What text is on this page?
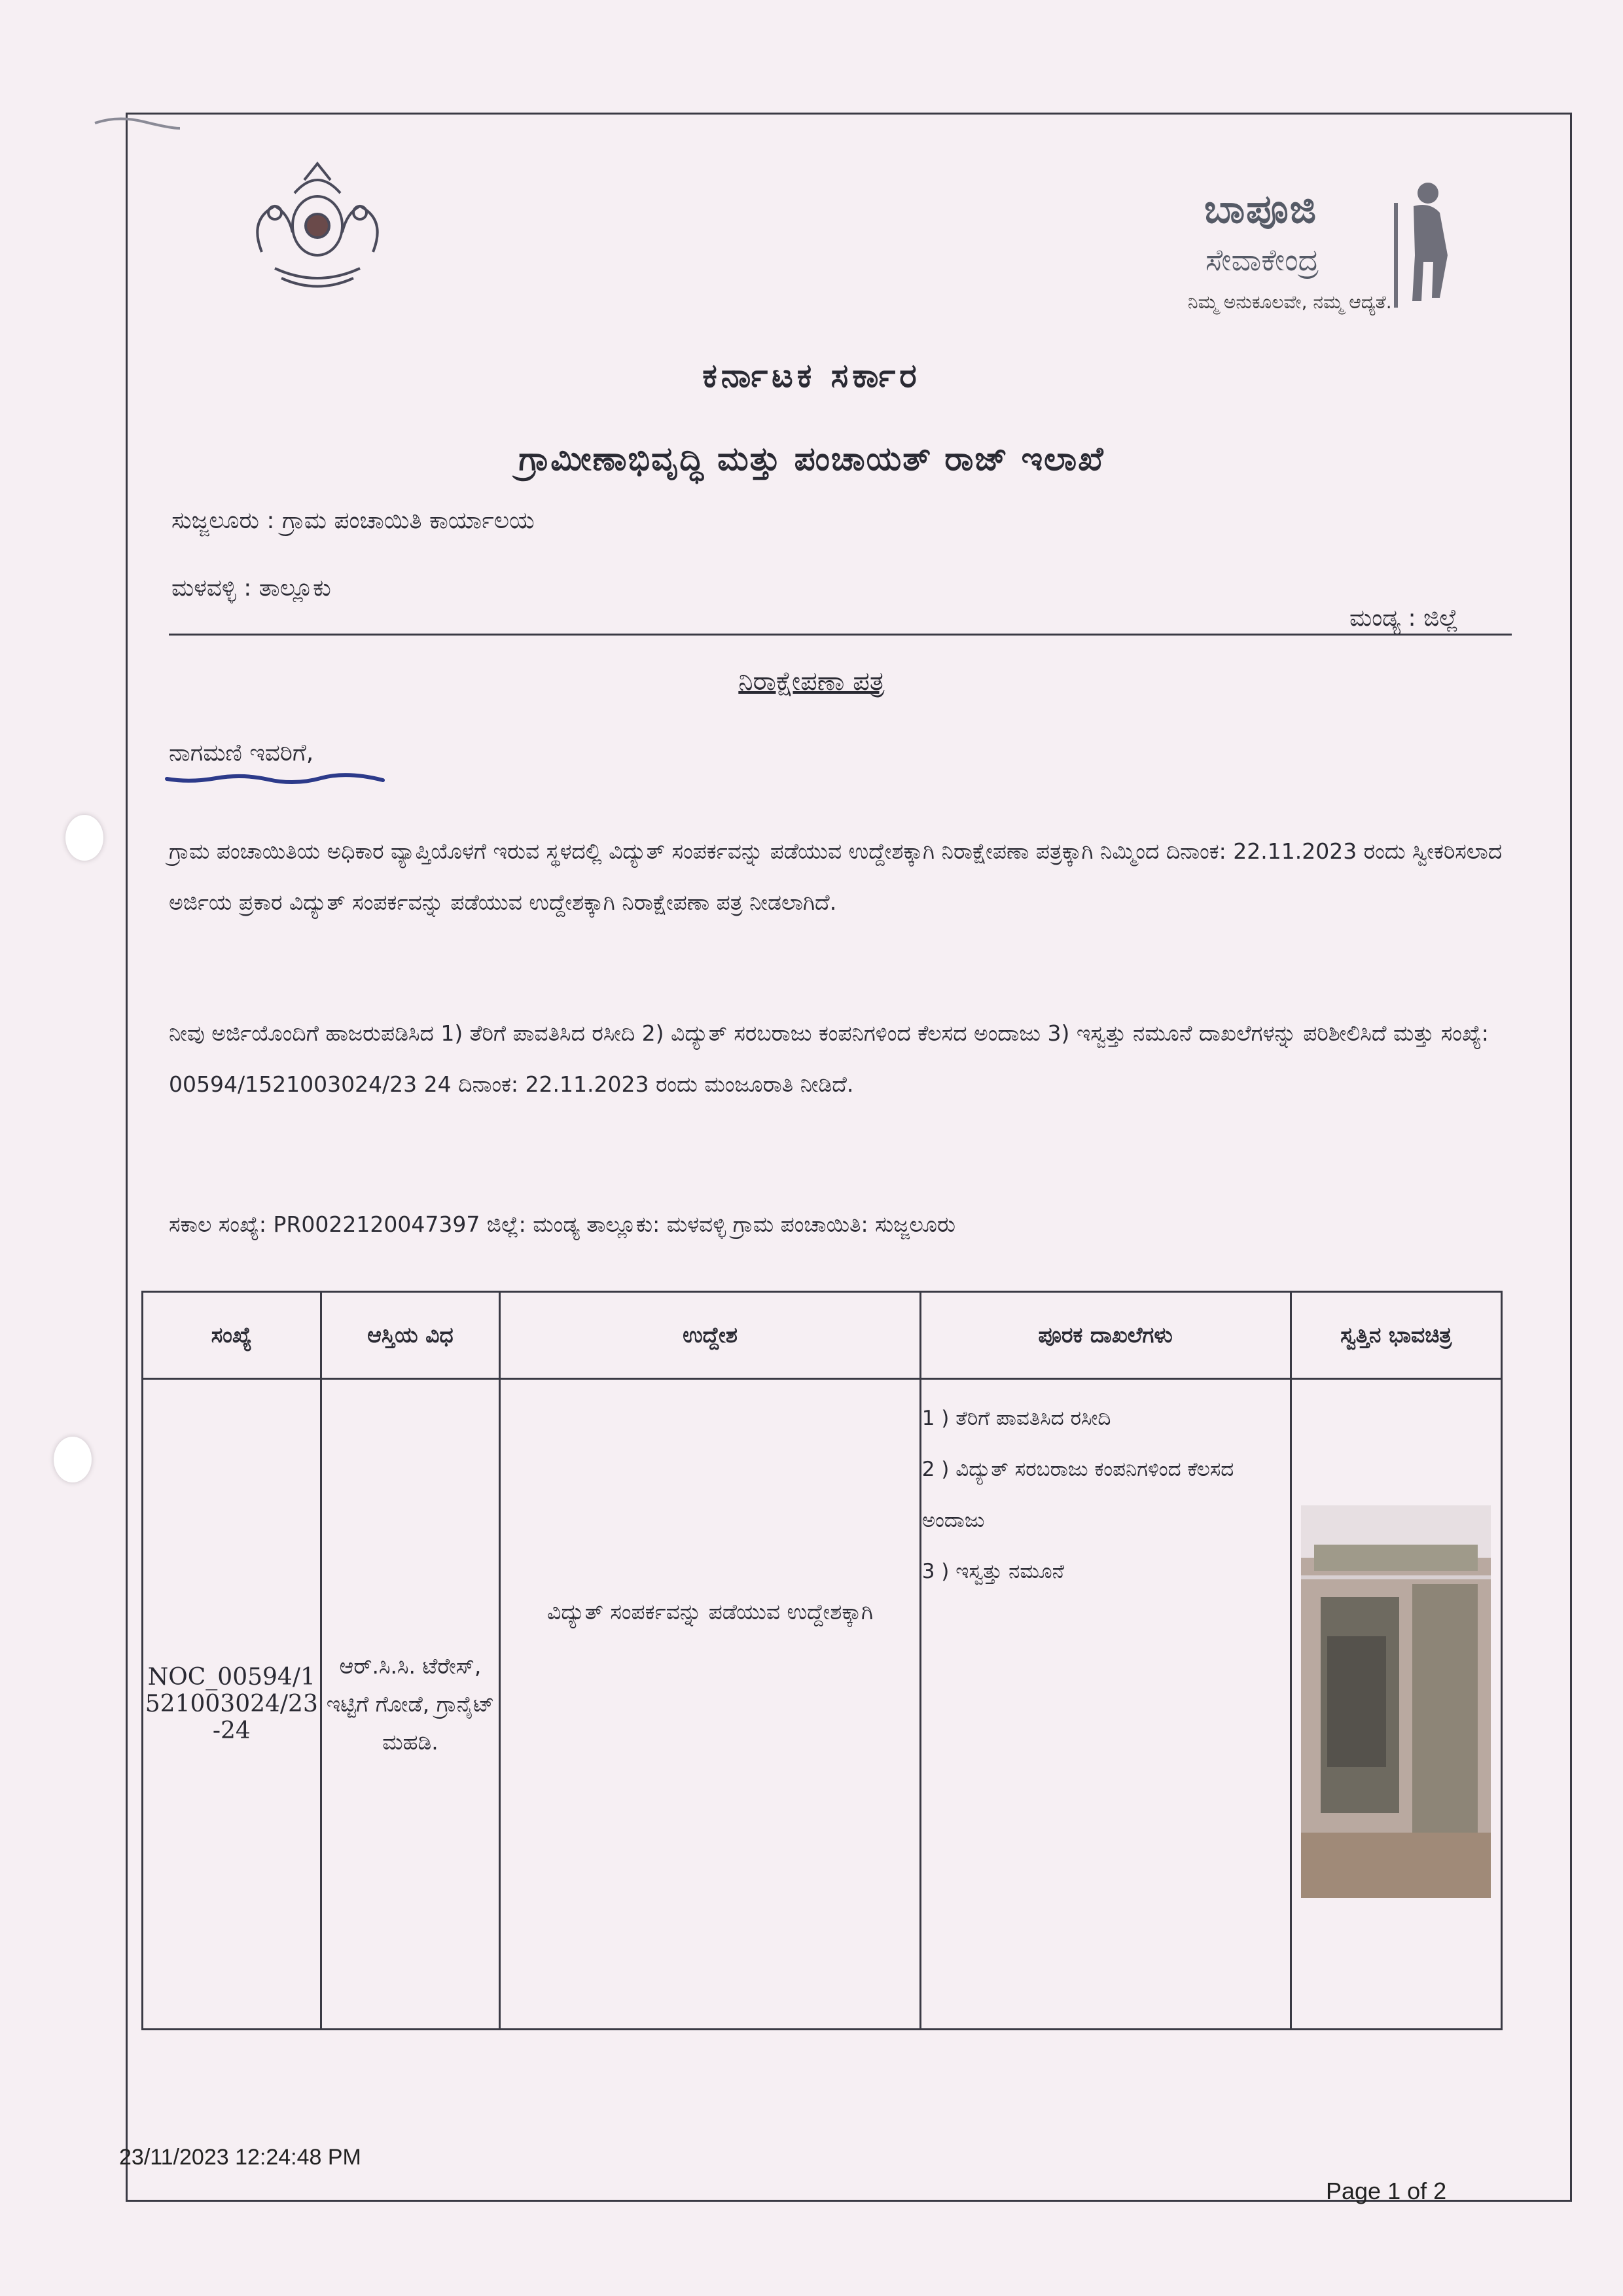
ಬಾಪೂಜಿ
ಸೇವಾಕೇಂದ್ರ
ನಿಮ್ಮ ಅನುಕೂಲವೇ, ನಮ್ಮ ಆದ್ಯತೆ.
ಕರ್ನಾಟಕ ಸರ್ಕಾರ
ಗ್ರಾಮೀಣಾಭಿವೃದ್ಧಿ ಮತ್ತು ಪಂಚಾಯತ್ ರಾಜ್ ಇಲಾಖೆ
ಸುಜ್ಜಲೂರು : ಗ್ರಾಮ ಪಂಚಾಯಿತಿ ಕಾರ್ಯಾಲಯ
ಮಳವಳ್ಳಿ : ತಾಲ್ಲೂಕು
ಮಂಡ್ಯ : ಜಿಲ್ಲೆ
ನಿರಾಕ್ಷೇಪಣಾ ಪತ್ರ
ನಾಗಮಣಿ ಇವರಿಗೆ,
ಗ್ರಾಮ ಪಂಚಾಯಿತಿಯ ಅಧಿಕಾರ ವ್ಯಾಪ್ತಿಯೊಳಗೆ ಇರುವ ಸ್ಥಳದಲ್ಲಿ ವಿದ್ಯುತ್ ಸಂಪರ್ಕವನ್ನು ಪಡೆಯುವ ಉದ್ದೇಶಕ್ಕಾಗಿ ನಿರಾಕ್ಷೇಪಣಾ ಪತ್ರಕ್ಕಾಗಿ ನಿಮ್ಮಿಂದ ದಿನಾಂಕ: 22.11.2023 ರಂದು ಸ್ವೀಕರಿಸಲಾದ ಅರ್ಜಿಯ ಪ್ರಕಾರ ವಿದ್ಯುತ್ ಸಂಪರ್ಕವನ್ನು ಪಡೆಯುವ ಉದ್ದೇಶಕ್ಕಾಗಿ ನಿರಾಕ್ಷೇಪಣಾ ಪತ್ರ ನೀಡಲಾಗಿದೆ.
ನೀವು ಅರ್ಜಿಯೊಂದಿಗೆ ಹಾಜರುಪಡಿಸಿದ 1) ತೆರಿಗೆ ಪಾವತಿಸಿದ ರಸೀದಿ 2) ವಿದ್ಯುತ್ ಸರಬರಾಜು ಕಂಪನಿಗಳಿಂದ ಕೆಲಸದ ಅಂದಾಜು 3) ಇಸ್ವತ್ತು ನಮೂನೆ ದಾಖಲೆಗಳನ್ನು ಪರಿಶೀಲಿಸಿದೆ ಮತ್ತು ಸಂಖ್ಯೆ: 00594/1521003024/23 24 ದಿನಾಂಕ: 22.11.2023 ರಂದು ಮಂಜೂರಾತಿ ನೀಡಿದೆ.
ಸಕಾಲ ಸಂಖ್ಯೆ: PR0022120047397 ಜಿಲ್ಲೆ: ಮಂಡ್ಯ ತಾಲ್ಲೂಕು: ಮಳವಳ್ಳಿ ಗ್ರಾಮ ಪಂಚಾಯಿತಿ: ಸುಜ್ಜಲೂರು
ಸಂಖ್ಯೆ	ಆಸ್ತಿಯ ವಿಧ	ಉದ್ದೇಶ	ಪೂರಕ ದಾಖಲೆಗಳು	ಸ್ವತ್ತಿನ ಭಾವಚಿತ್ರ
NOC_00594/1521003024/23-24	ಆರ್.ಸಿ.ಸಿ. ಟೆರೇಸ್, ಇಟ್ಟಿಗೆ ಗೋಡೆ, ಗ್ರಾನೈಟ್ ಮಹಡಿ.	ವಿದ್ಯುತ್ ಸಂಪರ್ಕವನ್ನು ಪಡೆಯುವ ಉದ್ದೇಶಕ್ಕಾಗಿ	1 ) ತೆರಿಗೆ ಪಾವತಿಸಿದ ರಸೀದಿ
2 ) ವಿದ್ಯುತ್ ಸರಬರಾಜು ಕಂಪನಿಗಳಿಂದ ಕೆಲಸದ ಅಂದಾಜು
3 ) ಇಸ್ವತ್ತು ನಮೂನೆ

23/11/2023 12:24:48 PM
Page 1 of 2
